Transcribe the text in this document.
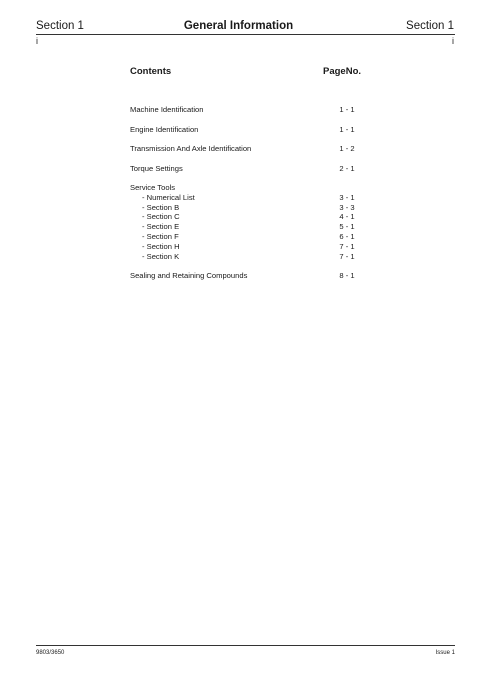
Section 1	General Information	Section 1
i	i
Contents	PageNo.
Machine Identification	1 - 1
Engine Identification	1 - 1
Transmission And Axle Identification	1 - 2
Torque Settings	2 - 1
Service Tools
- Numerical List	3 - 1
- Section B	3 - 3
- Section C	4 - 1
- Section E	5 - 1
- Section F	6 - 1
- Section H	7 - 1
- Section K	7 - 1
Sealing and Retaining Compounds	8 - 1
9803/3650	Issue 1
